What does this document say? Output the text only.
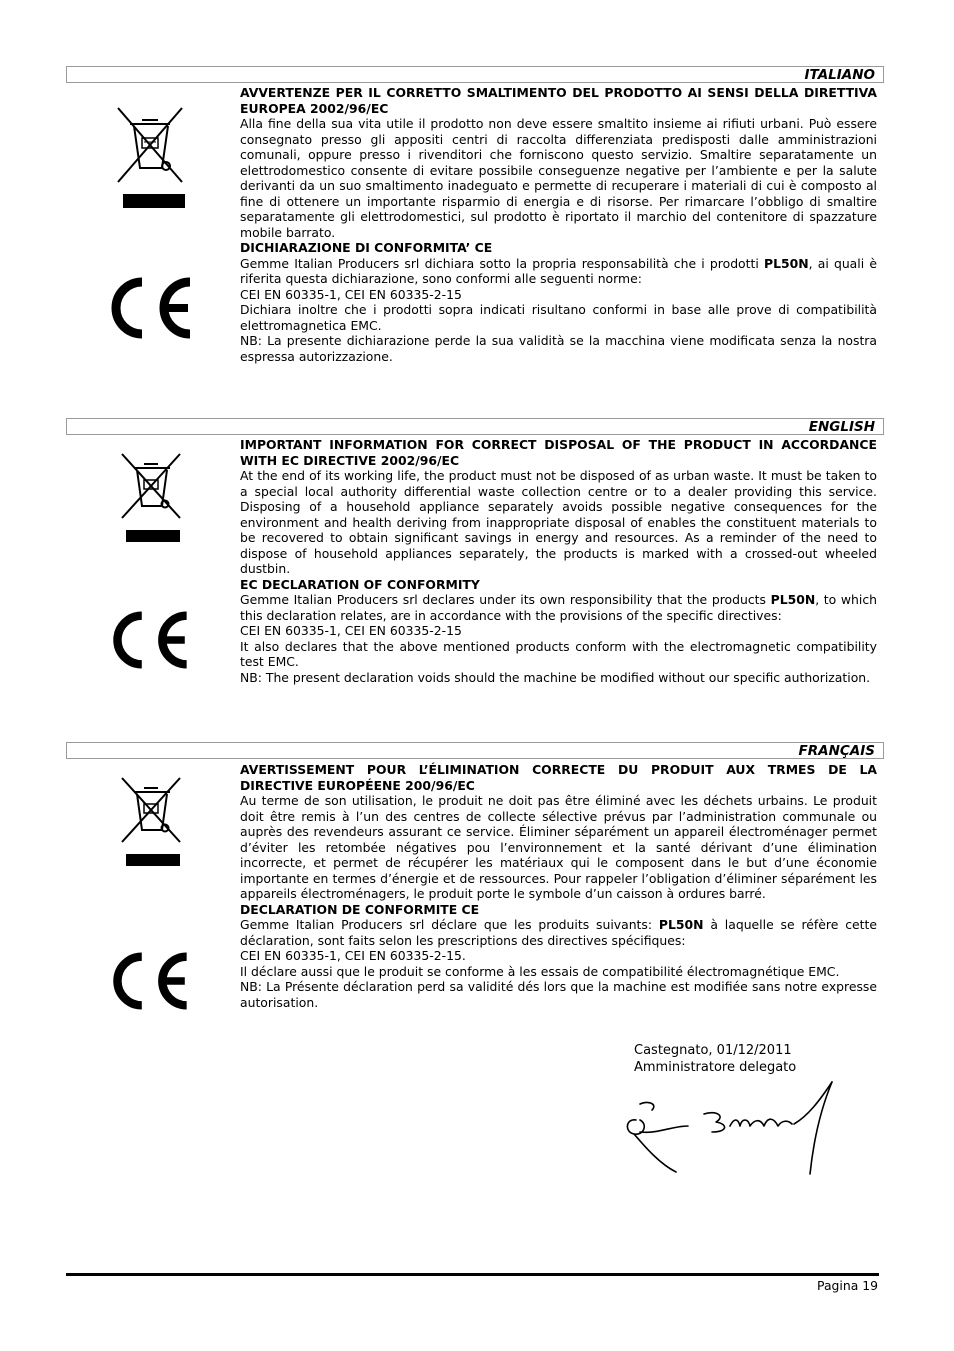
ITALIANO

AVVERTENZE PER IL CORRETTO SMALTIMENTO DEL PRODOTTO AI SENSI DELLA DIRETTIVA EUROPEA 2002/96/EC

Alla fine della sua vita utile il prodotto non deve essere smaltito insieme ai rifiuti urbani. Può essere consegnato presso gli appositi centri di raccolta differenziata predisposti dalle amministrazioni comunali, oppure presso i rivenditori che forniscono questo servizio. Smaltire separatamente un elettrodomestico consente di evitare possibile conseguenze negative per l’ambiente e per la salute derivanti da un suo smaltimento inadeguato e permette di recuperare i materiali di cui è composto al fine di ottenere un importante risparmio di energia e di risorse. Per rimarcare l’obbligo di smaltire separatamente gli elettrodomestici, sul prodotto è riportato il marchio del contenitore di spazzature mobile barrato.

DICHIARAZIONE DI CONFORMITA’ CE

Gemme Italian Producers srl dichiara sotto la propria responsabilità che i prodotti PL50N, ai quali è riferita questa dichiarazione, sono conformi alle seguenti norme:

CEI EN 60335-1, CEI EN 60335-2-15

Dichiara inoltre che i prodotti sopra indicati risultano conformi in base alle prove di compatibilità elettromagnetica EMC.

NB: La presente dichiarazione perde la sua validità se la macchina viene modificata senza la nostra espressa autorizzazione.

ENGLISH

IMPORTANT INFORMATION FOR CORRECT DISPOSAL OF THE PRODUCT IN ACCORDANCE WITH EC DIRECTIVE 2002/96/EC

At the end of its working life, the product must not be disposed of as urban waste. It must be taken to a special local authority differential waste collection centre or to a dealer providing this service. Disposing of a household appliance separately avoids possible negative consequences for the environment and health deriving from inappropriate disposal of enables the constituent materials to be recovered to obtain significant savings in energy and resources. As a reminder of the need to dispose of household appliances separately, the products is marked with a crossed-out wheeled dustbin.

EC DECLARATION OF CONFORMITY

Gemme Italian Producers srl declares under its own responsibility that the products PL50N, to which this declaration relates, are in accordance with the provisions of the specific directives:

CEI EN 60335-1, CEI EN 60335-2-15

It also declares that the above mentioned products conform with the electromagnetic compatibility test EMC.

NB: The present declaration voids should the machine be modified without our specific authorization.

FRANÇAIS

AVERTISSEMENT POUR L’ÉLIMINATION CORRECTE DU PRODUIT AUX TRMES DE LA DIRECTIVE EUROPÉENE 200/96/EC

Au terme de son utilisation, le produit ne doit pas être éliminé avec les déchets urbains. Le produit doit être remis à l’un des centres de collecte sélective prévus par l’administration communale ou auprès des revendeurs assurant ce service. Éliminer séparément un appareil électroménager permet d’éviter les retombée négatives pou l’environnement et la santé dérivant d’une élimination incorrecte, et permet de récupérer les matériaux qui le composent dans le but d’une économie importante en termes d’énergie et de ressources. Pour rappeler l’obligation d’éliminer séparément les appareils électroménagers, le produit porte le symbole d’un caisson à ordures barré.

DECLARATION DE CONFORMITE CE

Gemme Italian Producers srl déclare que les produits suivants: PL50N à laquelle se réfère cette déclaration, sont faits selon les prescriptions des directives spécifiques:

CEI EN 60335-1, CEI EN 60335-2-15.

Il déclare aussi que le produit se conforme à les essais de compatibilité électromagnétique EMC.

NB: La Présente déclaration perd sa validité dés lors que la machine est modifiée sans notre expresse autorisation.

Castegnato, 01/12/2011
Amministratore delegato
Pagina 19
